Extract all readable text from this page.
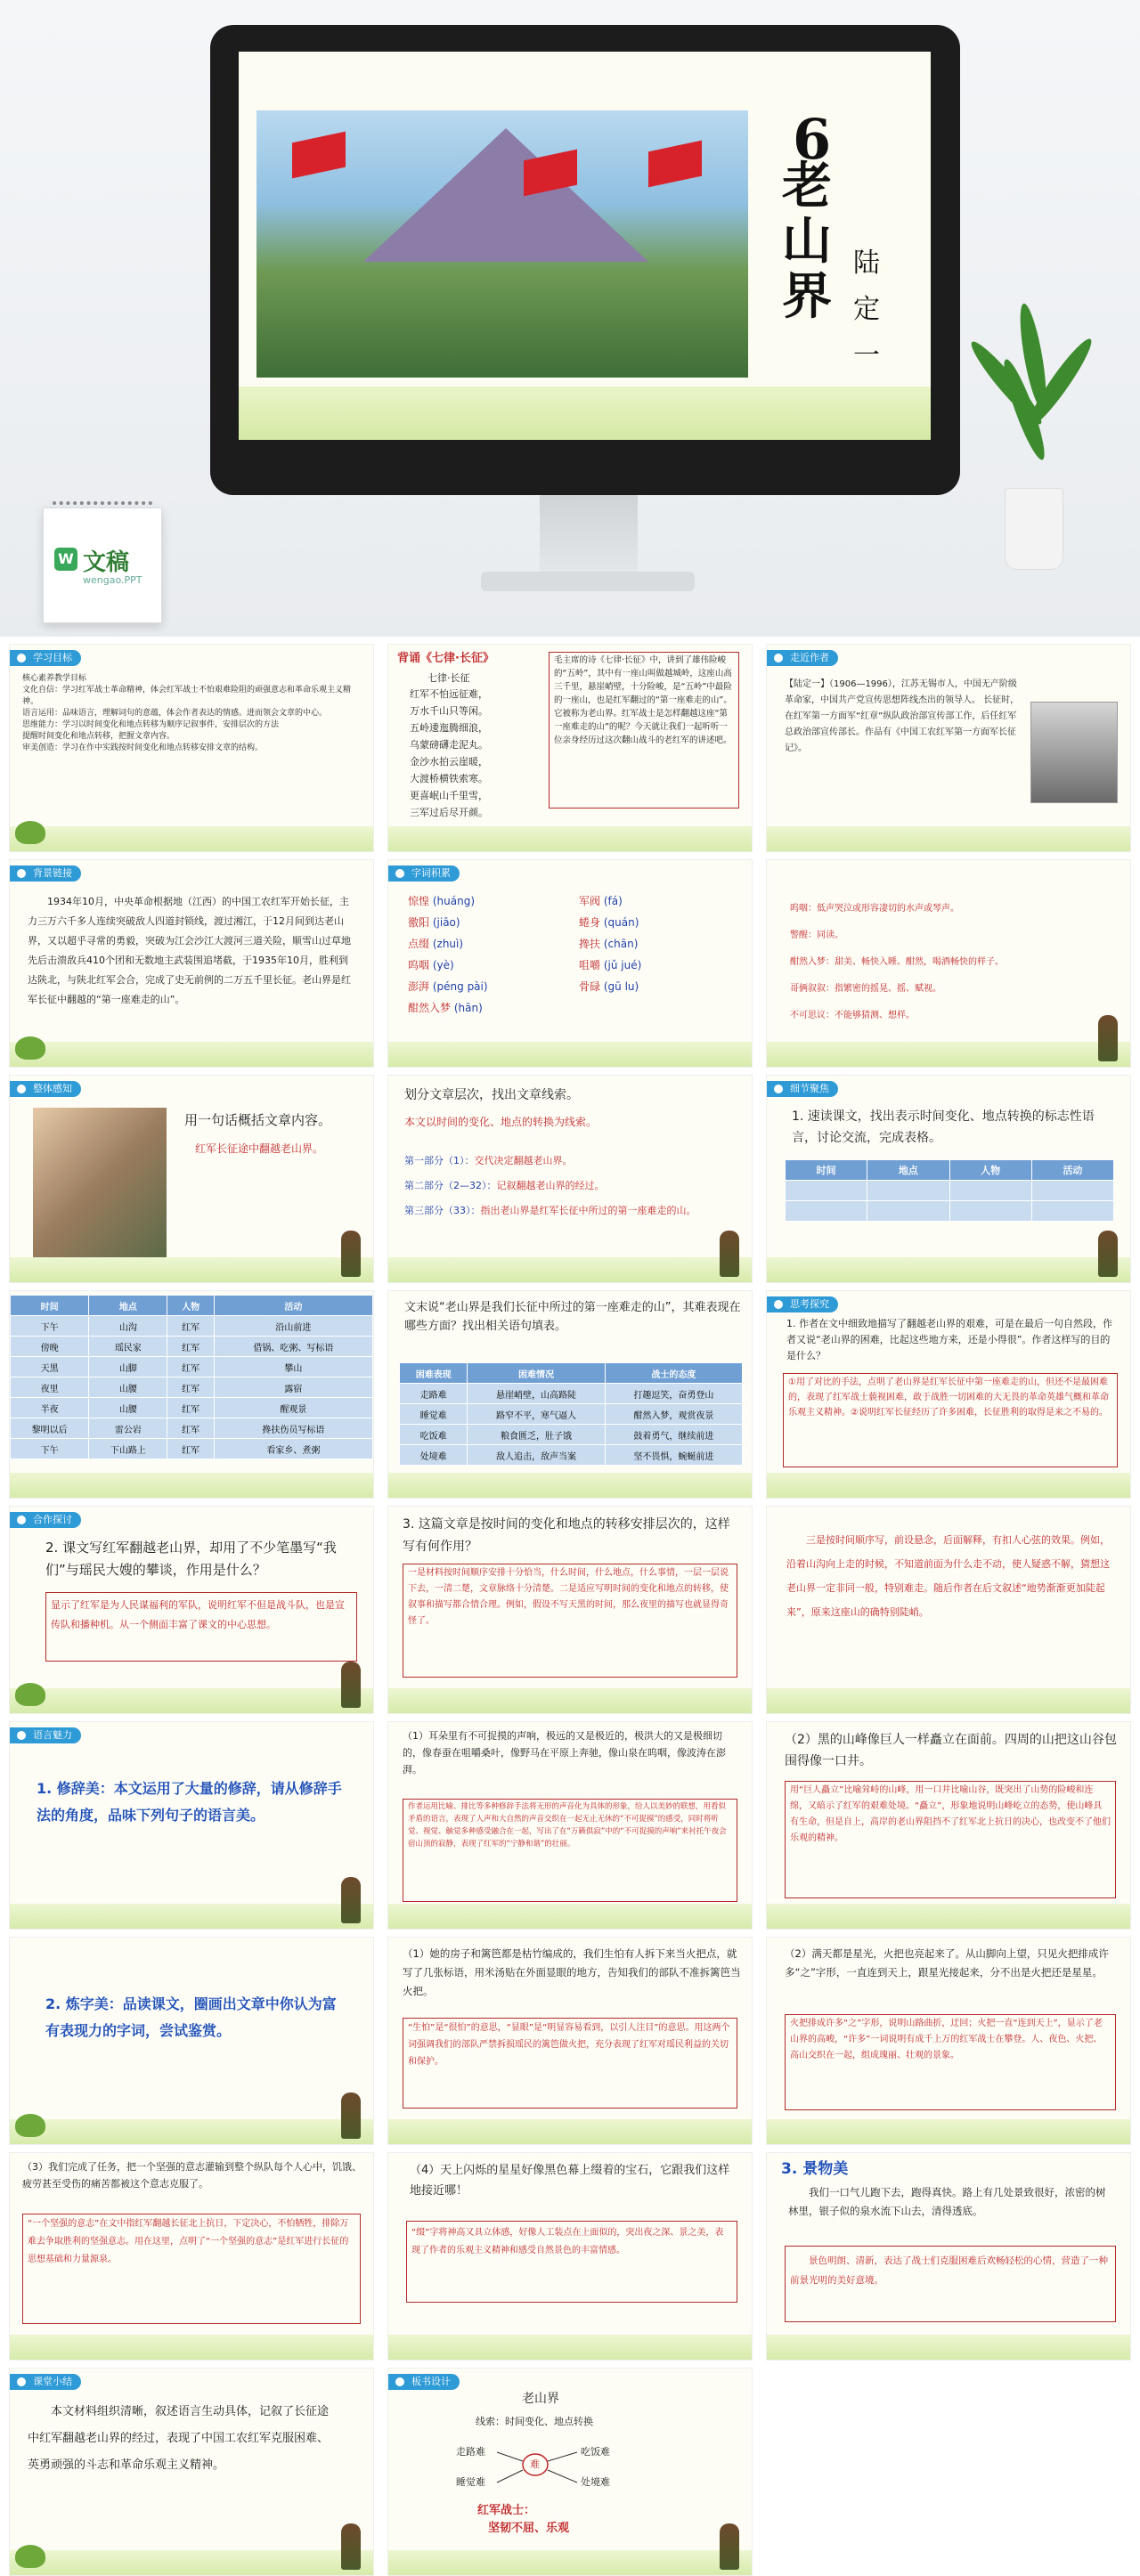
6
老山界
陆定一
W 文稿
wengao.PPT
学习目标
核心素养教学目标
文化自信：学习红军战士革命精神，体会红军战士不怕艰难险阻的顽强意志和革命乐观主义精神。
语言运用：品味语言，理解词句的意蕴，体会作者表达的情感。进而领会文章的中心。
思维能力：学习以时间变化和地点转移为顺序记叙事件，安排层次的方法
提醒时间变化和地点转移，把握文章内容。
审美创造：学习在作中实践按时间变化和地点转移安排文章的结构。
背诵《七律·长征》
七律·长征
红军不怕远征难，
万水千山只等闲。
五岭逶迤腾细浪，
乌蒙磅礴走泥丸。
金沙水拍云崖暖，
大渡桥横铁索寒。
更喜岷山千里雪，
三军过后尽开颜。
毛主席的诗《七律·长征》中，讲到了雄伟险峻的“五岭”，其中有一座山叫做越城岭，这座山高三千里，悬崖峭壁，十分险峻，是“五岭”中最险的一座山，也是红军翻过的“第一座难走的山”。它被称为老山界。红军战士是怎样翻越这座“第一座难走的山”的呢？今天就让我们一起听听一位亲身经历过这次翻山战斗的老红军的讲述吧。
走近作者
【陆定一】（1906—1996），江苏无锡市人，中国无产阶级革命家，中国共产党宣传思想阵线杰出的领导人。 长征时，在红军第一方面军“红章”纵队政治部宣传部工作，后任红军总政治部宣传部长。作品有《中国工农红军第一方面军长征记》。
背景链接
1934年10月，中央革命根据地（江西）的中国工农红军开始长征，主力三万六千多人连续突破敌人四道封锁线，渡过湘江，于12月间到达老山界，又以超乎寻常的勇毅，突破为江会沙江大渡河三道关险，顺雪山过草地先后击溃敌兵410个团和无数地主武装围追堵截，于1935年10月，胜利到达陕北，与陕北红军会合，完成了史无前例的二万五千里长征。老山界是红军长征中翻越的“第一座难走的山”。
字词积累
惊惶 (huáng)
徼阳 (jiāo)
点缀 (zhuì)
呜咽 (yè)
澎湃 (péng pài)
酣然入梦 (hān)
军阀 (fá)
蜷身 (quán)
搀扶 (chān)
咀嚼 (jǔ jué)
骨碌 (gū lu)
呜咽：低声哭泣或形容凄切的水声或琴声。
警醒：同读。
酣然入梦：甜美、畅快入睡。酣然，喝酒畅快的样子。
哥俩叙叙：指繁密的摇晃、摇、赋视。
不可思议：不能够猜测、想样。
整体感知
用一句话概括文章内容。
红军长征途中翻越老山界。
划分文章层次，找出文章线索。
本文以时间的变化、地点的转换为线索。
第一部分（1）：交代决定翻越老山界。
第二部分（2—32）：记叙翻越老山界的经过。
第三部分（33）：指出老山界是红军长征中所过的第一座难走的山。
细节聚焦
1. 速读课文，找出表示时间变化、地点转换的标志性语言，讨论交流，完成表格。
时间	地点	人物	活动

时间	地点	人物	活动
下午	山沟	红军	沿山前进
傍晚	瑶民家	红军	借锅、吃粥、写标语
天黑	山脚	红军	攀山
夜里	山腰	红军	露宿
半夜	山腰	红军	醒观景
黎明以后	雷公岩	红军	搀扶伤员写标语
下午	下山路上	红军	看家乡、煮粥
文末说“老山界是我们长征中所过的第一座难走的山”，其难表现在哪些方面？找出相关语句填表。
困难表现	困难情况	战士的态度
走路难	悬崖峭壁，山高路陡	打趣逗笑，奋勇登山
睡觉难	路窄不平，寒气逼人	酣然入梦，观赏夜景
吃饭难	粮食匮乏，肚子饿	鼓着勇气，继续前进
处境难	敌人追击，敌声当案	坚不畏惧，蜿蜒前进
思考探究
1. 作者在文中细致地描写了翻越老山界的艰难，可是在最后一句自然段，作者又说“老山界的困难，比起这些地方来，还是小得很”。作者这样写的目的是什么？
①用了对比的手法，点明了老山界是红军长征中第一座难走的山，但还不是最困难的，表现了红军战士藐视困难，敢于战胜一切困难的大无畏的革命英雄气概和革命乐观主义精神。②说明红军长征经历了许多困难，长征胜利的取得是来之不易的。
合作探讨
2. 课文写红军翻越老山界，却用了不少笔墨写“我们”与瑶民大嫂的攀谈，作用是什么？
显示了红军是为人民谋福利的军队，说明红军不但是战斗队，也是宣传队和播种机。从一个侧面丰富了课文的中心思想。
3. 这篇文章是按时间的变化和地点的转移安排层次的，这样写有何作用？
一是材料按时间顺序安排十分恰当，什么时间，什么地点，什么事情，一层一层说下去，一清二楚，文章脉络十分清楚。二是适应写明时间的变化和地点的转移，使叙事和描写都合情合理。例如，假设不写天黑的时间，那么夜里的描写也就显得奇怪了。
三是按时间顺序写，前设悬念，后面解释，有扣人心弦的效果。例如，沿着山沟向上走的时候，不知道前面为什么走不动，使人疑惑不解，猜想这老山界一定非同一般，特别难走。随后作者在后文叙述“地势渐渐更加陡起来”，原来这座山的确特别陡峭。
语言魅力
1. 修辞美：本文运用了大量的修辞，请从修辞手法的角度，品味下列句子的语言美。
（1）耳朵里有不可捉摸的声响，极远的又是极近的，极洪大的又是极细切的，像春蚕在咀嚼桑叶，像野马在平原上奔驰，像山泉在呜咽，像波涛在澎湃。
作者运用比喻、排比等多种修辞手法将无形的声音化为具体的形象，给人以美妙的联想，用看似矛盾的语言，表现了人声和大自然的声音交织在一起无止无休的“不可捉摸”的感受，同时将听觉、视觉、触觉多种感受融合在一起，写出了在“万籁俱寂”中的“不可捉摸的声响”来衬托午夜会宿山顶的寂静，表现了红军的“宁静和谐”的壮丽。
（2）黑的山峰像巨人一样矗立在面前。四周的山把这山谷包围得像一口井。
用“巨人矗立”比喻耸峙的山峰，用一口井比喻山谷，既突出了山势的险峻和连绵，又暗示了红军的艰难处境。“矗立”，形象地说明山峰屹立的态势，使山峰具有生命，但是自上，高岸的老山界阻挡不了红军北上抗日的决心，也改变不了他们乐观的精神。
2. 炼字美：品读课文，圈画出文章中你认为富有表现力的字词，尝试鉴赏。
（1）她的房子和篱笆都是枯竹编成的，我们生怕有人拆下来当火把点，就写了几张标语，用米汤贴在外面显眼的地方，告知我们的部队不准拆篱笆当火把。
“生怕”是“很怕”的意思，“显眼”是“明显容易看到，以引人注目”的意思。用这两个词强调我们的部队严禁拆损瑶民的篱笆做火把，充分表现了红军对瑶民利益的关切和保护。
（2）满天都是星光，火把也亮起来了。从山脚向上望，只见火把排成许多“之”字形，一直连到天上，跟星光接起来，分不出是火把还是星星。
火把排成许多“之”字形，说明山路曲折，迂回；火把一直“连到天上”，显示了老山界的高峻，“许多”一词说明有成千上万的红军战士在攀登。人、夜色、火把、高山交织在一起，组成瑰丽、壮观的景象。
（3）我们完成了任务，把一个坚强的意志灌输到整个纵队每个人心中，饥饿、疲劳甚至受伤的痛苦都被这个意志克服了。
“一个坚强的意志”在文中指红军翻越长征北上抗日，下定决心，不怕牺牲，排除万难去争取胜利的坚强意志。用在这里，点明了“一个坚强的意志”是红军进行长征的思想基础和力量源泉。
（4）天上闪烁的星星好像黑色幕上缀着的宝石，它跟我们这样地接近哪！
“缀”字将神高又具立体感，好像人工装点在上面似的，突出夜之深、景之美，表现了作者的乐观主义精神和感受自然景色的丰富情感。
3. 景物美
我们一口气儿跑下去，跑得真快。路上有几处景致很好，浓密的树林里，银子似的泉水流下山去，清得透底。
景色明朗、清新，表达了战士们克服困难后欢畅轻松的心情，营造了一种前景光明的美好意境。
课堂小结
本文材料组织清晰，叙述语言生动具体，记叙了长征途中红军翻越老山界的经过，表现了中国工农红军克服困难、英勇顽强的斗志和革命乐观主义精神。
板书设计
老山界
线索：时间变化、地点转换
难
走路难	吃饭难
睡觉难	处境难
红军战士：
坚韧不屈、乐观
